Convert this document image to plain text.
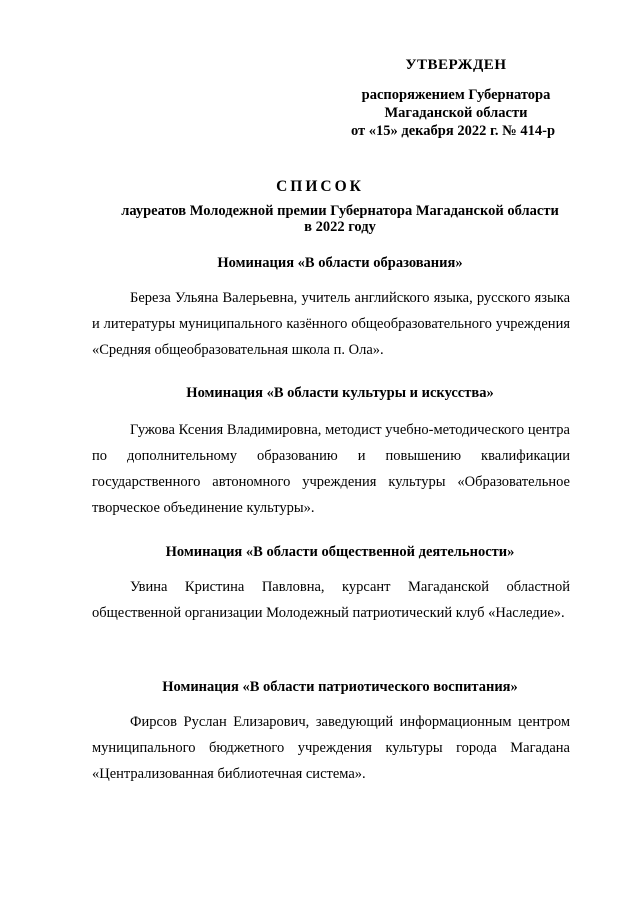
УТВЕРЖДЕН
распоряжением Губернатора
Магаданской области
от «15» декабря 2022 г. № 414-р
СПИСОК
лауреатов Молодежной премии Губернатора Магаданской области
в 2022 году
Номинация «В области образования»
Береза Ульяна Валерьевна, учитель английского языка, русского языка и литературы муниципального казённого общеобразовательного учреждения «Средняя общеобразовательная школа п. Ола».
Номинация «В области культуры и искусства»
Гужова Ксения Владимировна, методист учебно-методического центра по дополнительному образованию и повышению квалификации государственного автономного учреждения культуры «Образовательное творческое объединение культуры».
Номинация «В области общественной деятельности»
Увина Кристина Павловна, курсант Магаданской областной общественной организации Молодежный патриотический клуб «Наследие».
Номинация «В области патриотического воспитания»
Фирсов Руслан Елизарович, заведующий информационным центром муниципального бюджетного учреждения культуры города Магадана «Централизованная библиотечная система».
